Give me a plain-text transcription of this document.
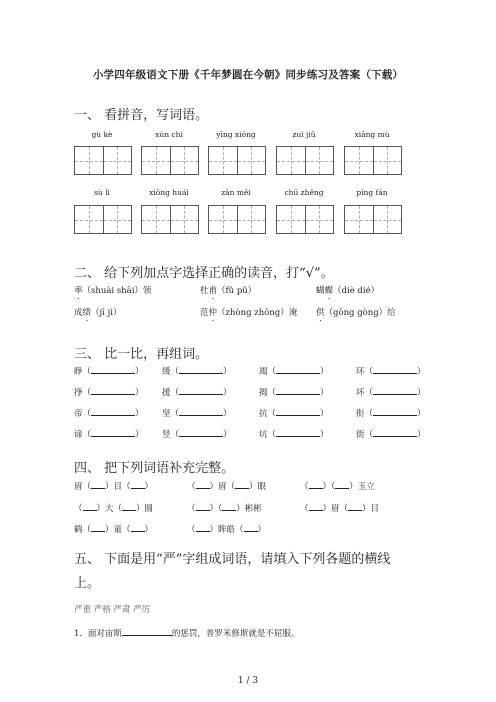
小学四年级语文下册《千年梦圆在今朝》同步练习及答案（下载）
一、 看拼音，写词语。
gù kè	xún chì	yīng xióng	zuì jiǔ	xiāng mù
sù lì	xiōng huái	zàn měi	chū zhēng	píng fán
二、 给下列加点字选择正确的读音，打“√”。
率（shuài shāi）领	杜甫（fǔ pǔ）	蝴蝶（diè dié）
成绩（jī jì）	范仲（zhòng zhōng）淹 供（gōng gòng）给
三、 比一比，再组词。
睁（	） 缓（	）	竭（	）	环（	）
挣（	） 援（	）	揭（	）	坏（	）
帝（	） 坚（	）	抗（	）	衔（	）
谛（	） 竖（	）	坑（	）	街（	）
四、 把下列词语补充完整。
眉（ ）目（ ）	（ ）眉（ ）眼	（ ）（ ）玉立
（ ）大（ ）圆	（ ）（ ）彬彬	（ ）眉（ ）目
鹤（ ）童（ ）	（ ）眸皓（ ）
五、 下面是用“严”字组成词语，请填入下列各题的横线
上。
严重 严格 严肃 严厉
1．面对宙斯	的惩罚，普罗米修斯就是不屈服。
1 / 3
